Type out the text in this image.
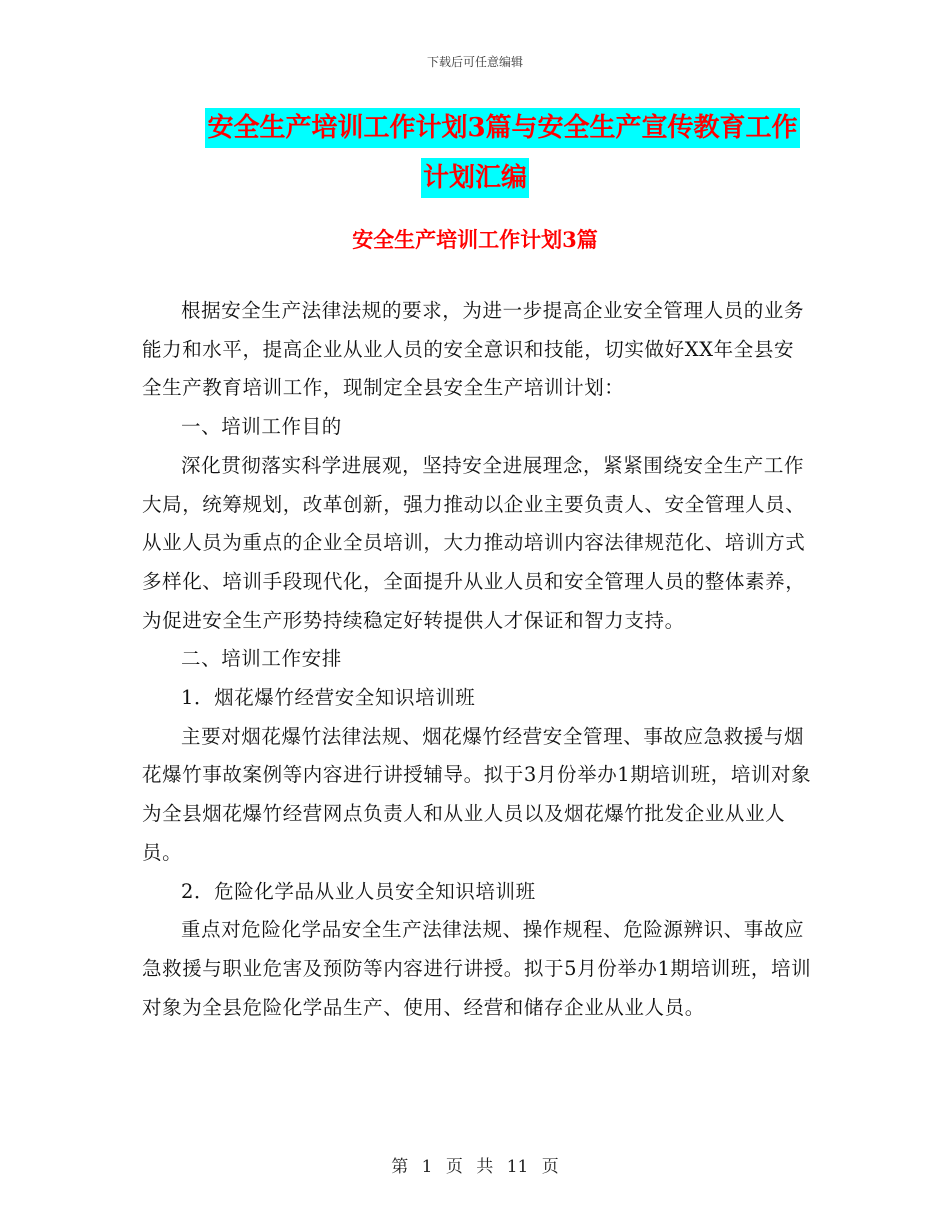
下载后可任意编辑
安全生产培训工作计划3篇与安全生产宣传教育工作
计划汇编
安全生产培训工作计划3篇

根据安全生产法律法规的要求，为进一步提高企业安全管理人员的业务能力和水平，提高企业从业人员的安全意识和技能，切实做好XX年全县安全生产教育培训工作，现制定全县安全生产培训计划：

一、培训工作目的

深化贯彻落实科学进展观，坚持安全进展理念，紧紧围绕安全生产工作大局，统筹规划，改革创新，强力推动以企业主要负责人、安全管理人员、从业人员为重点的企业全员培训，大力推动培训内容法律规范化、培训方式多样化、培训手段现代化，全面提升从业人员和安全管理人员的整体素养，为促进安全生产形势持续稳定好转提供人才保证和智力支持。

二、培训工作安排

1．烟花爆竹经营安全知识培训班

主要对烟花爆竹法律法规、烟花爆竹经营安全管理、事故应急救援与烟花爆竹事故案例等内容进行讲授辅导。拟于3月份举办1期培训班，培训对象为全县烟花爆竹经营网点负责人和从业人员以及烟花爆竹批发企业从业人员。

2．危险化学品从业人员安全知识培训班

重点对危险化学品安全生产法律法规、操作规程、危险源辨识、事故应急救援与职业危害及预防等内容进行讲授。拟于5月份举办1期培训班，培训对象为全县危险化学品生产、使用、经营和储存企业从业人员。

第 1 页 共 11 页
